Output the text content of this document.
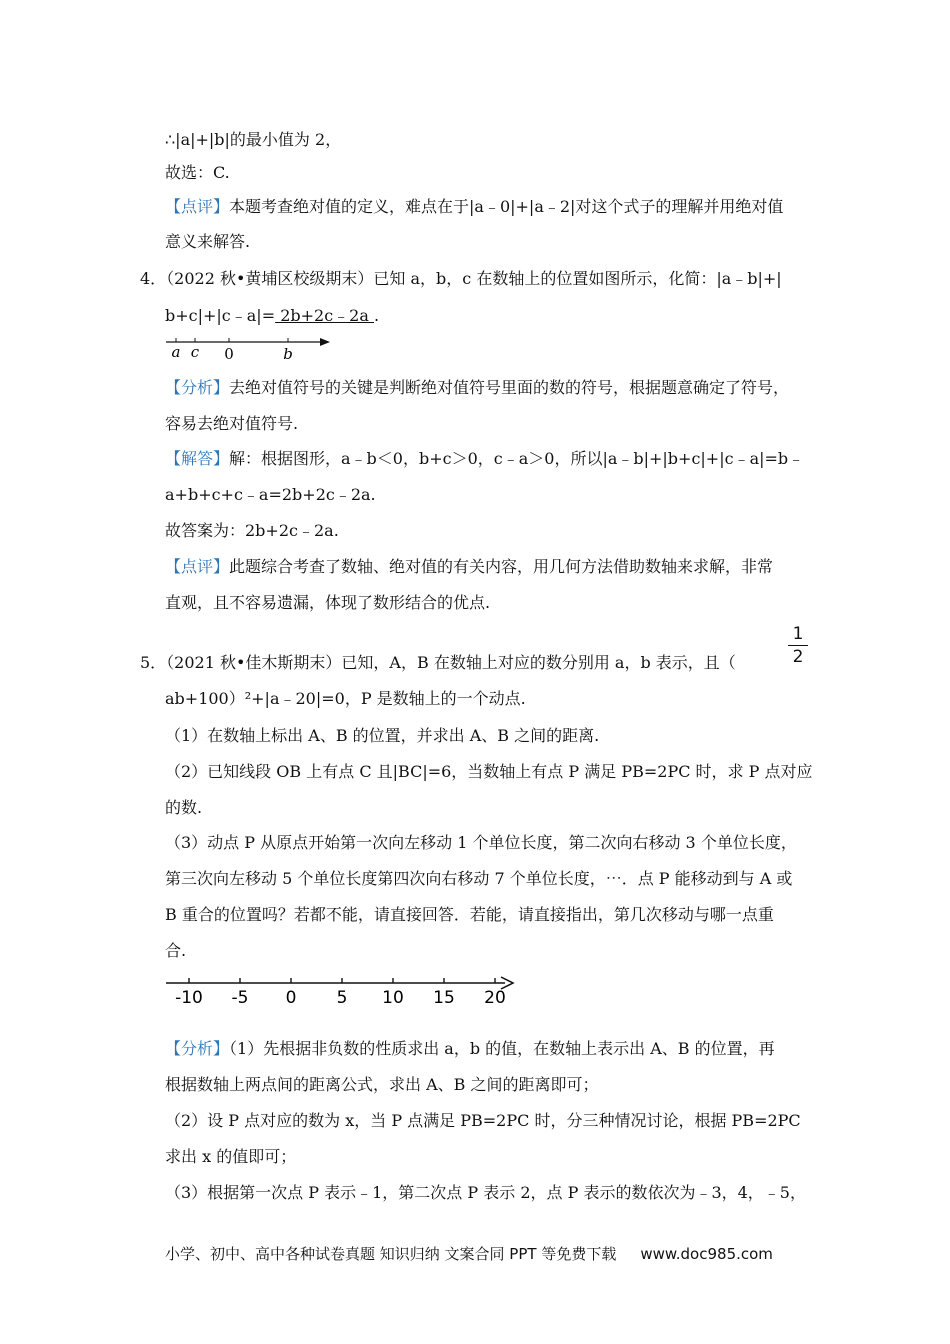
∴|a|+|b|的最小值为 2，
故选：C.
【点评】本题考查绝对值的定义，难点在于|a﹣0|+|a﹣2|对这个式子的理解并用绝对值
意义来解答.
4．（2022 秋•黄埔区校级期末）已知 a，b，c 在数轴上的位置如图所示，化简：|a﹣b|+|
b+c|+|c﹣a|= 2b+2c﹣2a .
a c 0	b
【分析】去绝对值符号的关键是判断绝对值符号里面的数的符号，根据题意确定了符号，
容易去绝对值符号.
【解答】解：根据图形，a﹣b＜0，b+c＞0，c﹣a＞0，所以|a﹣b|+|b+c|+|c﹣a|=b﹣
a+b+c+c﹣a=2b+2c﹣2a.
故答案为：2b+2c﹣2a.
【点评】此题综合考查了数轴、绝对值的有关内容，用几何方法借助数轴来求解，非常
直观，且不容易遗漏，体现了数形结合的优点.
5．（2021 秋•佳木斯期末）已知，A，B 在数轴上对应的数分别用 a，b 表示，且（
1
2
ab+100）²+|a﹣20|=0，P 是数轴上的一个动点.
（1）在数轴上标出 A、B 的位置，并求出 A、B 之间的距离.
（2）已知线段 OB 上有点 C 且|BC|=6，当数轴上有点 P 满足 PB=2PC 时，求 P 点对应
的数.
（3）动点 P 从原点开始第一次向左移动 1 个单位长度，第二次向右移动 3 个单位长度，
第三次向左移动 5 个单位长度第四次向右移动 7 个单位长度，⋯．点 P 能移动到与 A 或
B 重合的位置吗？若都不能，请直接回答．若能，请直接指出，第几次移动与哪一点重
合.
-10 -5 0 5 10 15 20
【分析】（1）先根据非负数的性质求出 a，b 的值，在数轴上表示出 A、B 的位置，再
根据数轴上两点间的距离公式，求出 A、B 之间的距离即可；
（2）设 P 点对应的数为 x，当 P 点满足 PB=2PC 时，分三种情况讨论，根据 PB=2PC
求出 x 的值即可；
（3）根据第一次点 P 表示﹣1，第二次点 P 表示 2，点 P 表示的数依次为﹣3，4，﹣5，
小学、初中、高中各种试卷真题 知识归纳 文案合同 PPT 等免费下载 www.doc985.com
